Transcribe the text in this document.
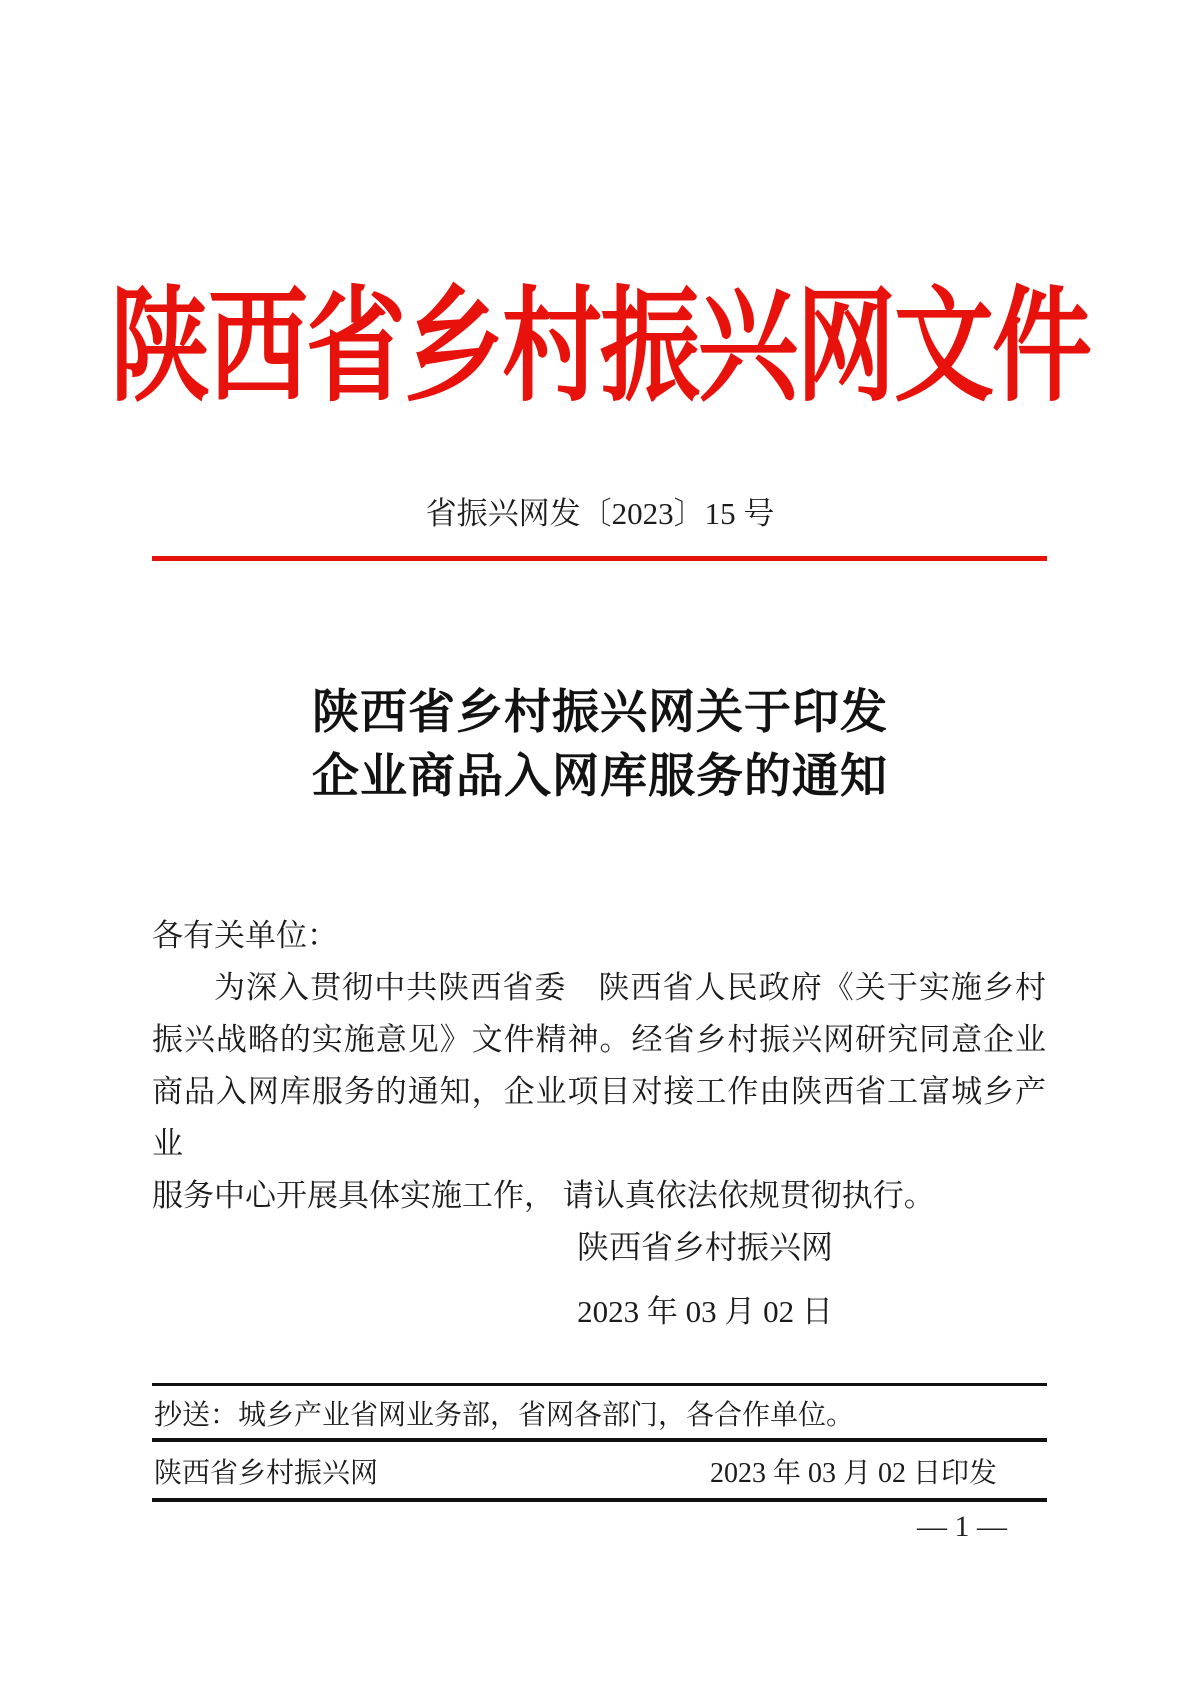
陕西省乡村振兴网文件
省振兴网发〔2023〕15 号
陕西省乡村振兴网关于印发
企业商品入网库服务的通知
各有关单位：
为深入贯彻中共陕西省委　陕西省人民政府《关于实施乡村
振兴战略的实施意见》文件精神。经省乡村振兴网研究同意企业
商品入网库服务的通知，企业项目对接工作由陕西省工富城乡产业
服务中心开展具体实施工作， 请认真依法依规贯彻执行。
陕西省乡村振兴网
2023 年 03 月 02 日
抄送：城乡产业省网业务部，省网各部门，各合作单位。
陕西省乡村振兴网	2023 年 03 月 02 日印发
— 1 —
